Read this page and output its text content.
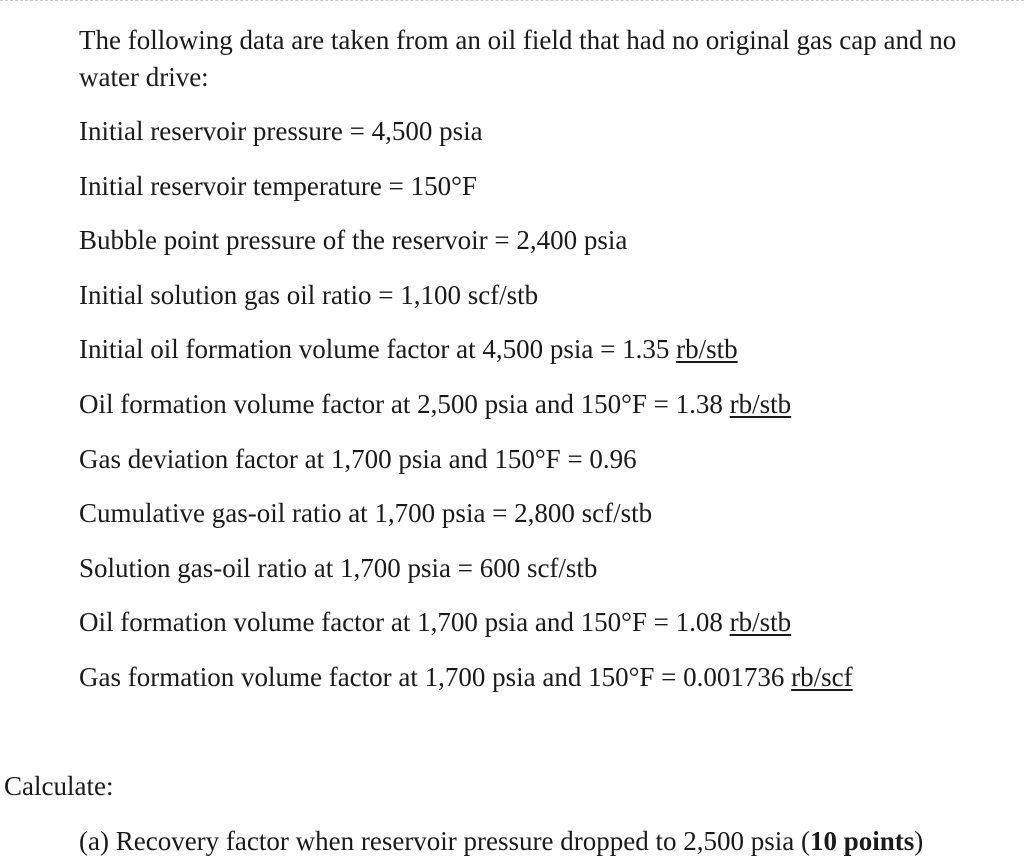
The following data are taken from an oil field that had no original gas cap and no water drive:

Initial reservoir pressure = 4,500 psia
Initial reservoir temperature = 150°F
Bubble point pressure of the reservoir = 2,400 psia
Initial solution gas oil ratio = 1,100 scf/stb
Initial oil formation volume factor at 4,500 psia = 1.35 rb/stb
Oil formation volume factor at 2,500 psia and 150°F = 1.38 rb/stb
Gas deviation factor at 1,700 psia and 150°F = 0.96
Cumulative gas-oil ratio at 1,700 psia = 2,800 scf/stb
Solution gas-oil ratio at 1,700 psia = 600 scf/stb
Oil formation volume factor at 1,700 psia and 150°F = 1.08 rb/stb
Gas formation volume factor at 1,700 psia and 150°F = 0.001736 rb/scf

Calculate:

(a) Recovery factor when reservoir pressure dropped to 2,500 psia (10 points)
